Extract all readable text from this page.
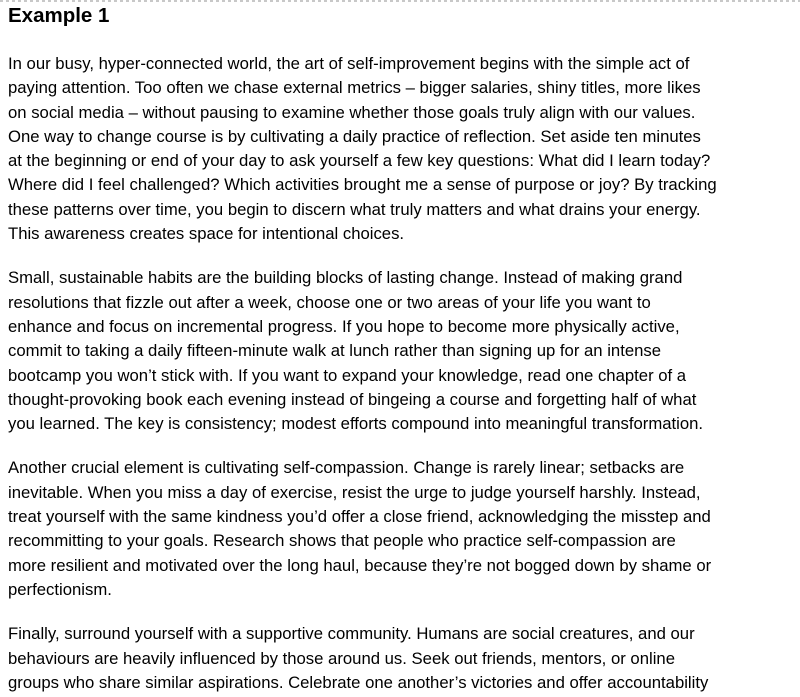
Example 1

In our busy, hyper-connected world, the art of self-improvement begins with the simple act of
paying attention. Too often we chase external metrics – bigger salaries, shiny titles, more likes
on social media – without pausing to examine whether those goals truly align with our values.
One way to change course is by cultivating a daily practice of reflection. Set aside ten minutes
at the beginning or end of your day to ask yourself a few key questions: What did I learn today?
Where did I feel challenged? Which activities brought me a sense of purpose or joy? By tracking
these patterns over time, you begin to discern what truly matters and what drains your energy.
This awareness creates space for intentional choices.

Small, sustainable habits are the building blocks of lasting change. Instead of making grand
resolutions that fizzle out after a week, choose one or two areas of your life you want to
enhance and focus on incremental progress. If you hope to become more physically active,
commit to taking a daily fifteen-minute walk at lunch rather than signing up for an intense
bootcamp you won’t stick with. If you want to expand your knowledge, read one chapter of a
thought-provoking book each evening instead of bingeing a course and forgetting half of what
you learned. The key is consistency; modest efforts compound into meaningful transformation.

Another crucial element is cultivating self-compassion. Change is rarely linear; setbacks are
inevitable. When you miss a day of exercise, resist the urge to judge yourself harshly. Instead,
treat yourself with the same kindness you’d offer a close friend, acknowledging the misstep and
recommitting to your goals. Research shows that people who practice self-compassion are
more resilient and motivated over the long haul, because they’re not bogged down by shame or
perfectionism.

Finally, surround yourself with a supportive community. Humans are social creatures, and our
behaviours are heavily influenced by those around us. Seek out friends, mentors, or online
groups who share similar aspirations. Celebrate one another’s victories and offer accountability
